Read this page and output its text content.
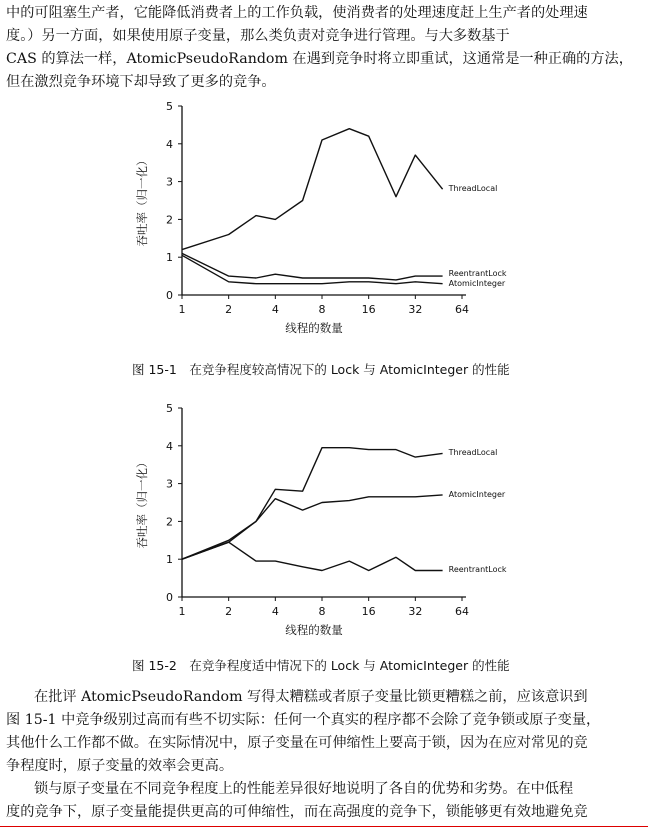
中的可阻塞生产者，它能降低消费者上的工作负载，使消费者的处理速度赶上生产者的处理速
度。）另一方面，如果使用原子变量，那么类负责对竞争进行管理。与大多数基于
CAS 的算法一样，AtomicPseudoRandom 在遇到竞争时将立即重试，这通常是一种正确的方法，
但在激烈竞争环境下却导致了更多的竞争。

0
1
2
3
4
5
1	2	4	8	16	32	64
线程的数量
吞吐率（归一化）	ThreadLocal
ReentrantLock
AtomicInteger
图 15-1　在竞争程度较高情况下的 Lock 与 AtomicInteger 的性能
0
1
2
3
4
5
1	2	4	8	16	32	64
线程的数量
吞吐率（归一化）
ThreadLocal
AtomicInteger
ReentrantLock
图 15-2　在竞争程度适中情况下的 Lock 与 AtomicInteger 的性能

在批评 AtomicPseudoRandom 写得太糟糕或者原子变量比锁更糟糕之前，应该意识到
图 15-1 中竞争级别过高而有些不切实际：任何一个真实的程序都不会除了竞争锁或原子变量，
其他什么工作都不做。在实际情况中，原子变量在可伸缩性上要高于锁，因为在应对常见的竞
争程度时，原子变量的效率会更高。

锁与原子变量在不同竞争程度上的性能差异很好地说明了各自的优势和劣势。在中低程
度的竞争下，原子变量能提供更高的可伸缩性，而在高强度的竞争下，锁能够更有效地避免竞
